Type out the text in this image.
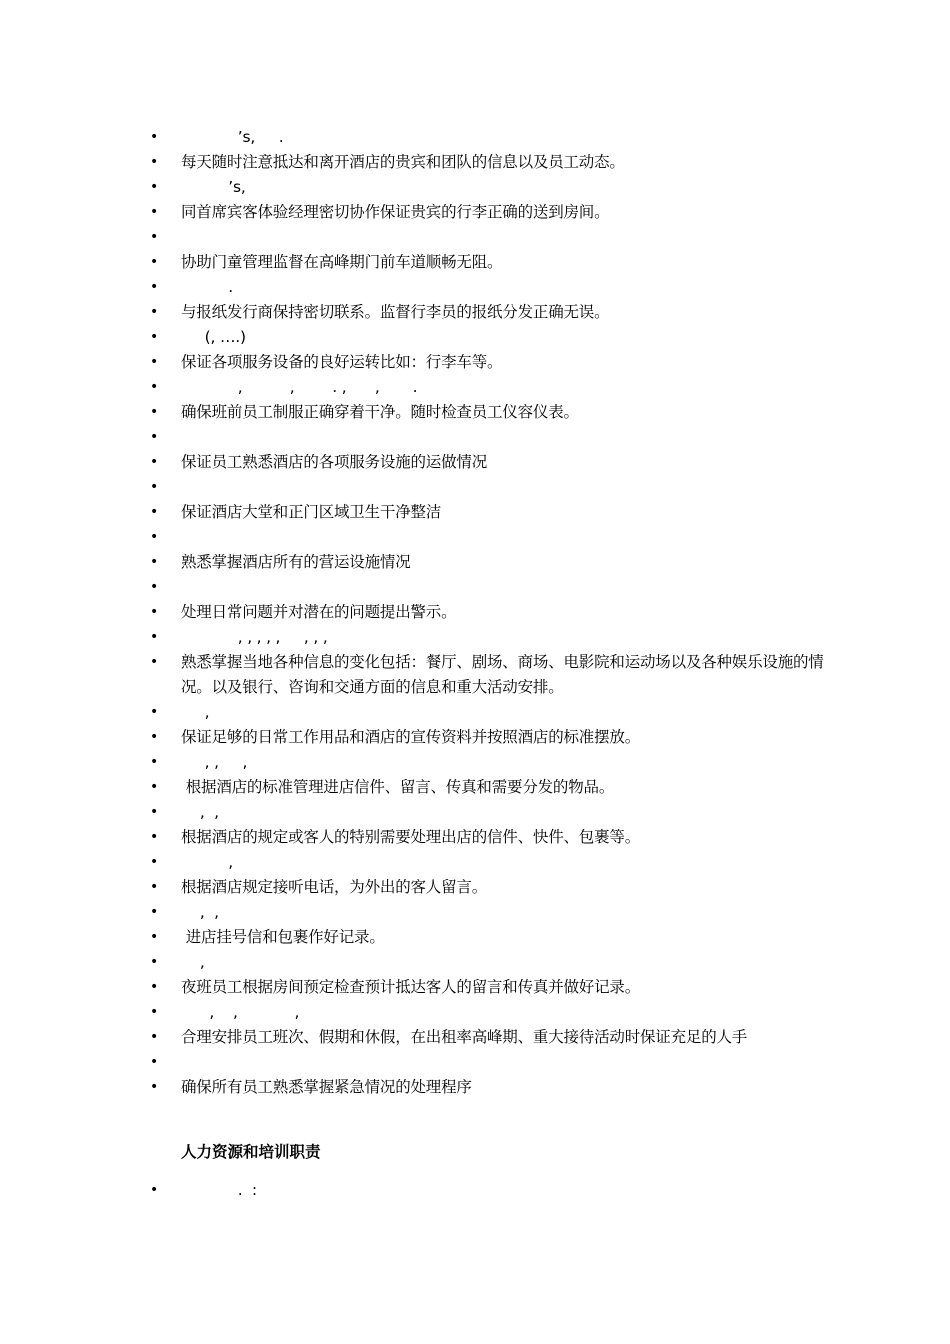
• ’s,     .
• 每天随时注意抵达和离开酒店的贵宾和团队的信息以及员工动态。
• ’s,
• 同首席宾客体验经理密切协作保证贵宾的行李正确的送到房间。
•
• 协助门童管理监督在高峰期门前车道顺畅无阻。
• .
• 与报纸发行商保持密切联系。监督行李员的报纸分发正确无误。
• (, ….)
• 保证各项服务设备的良好运转比如：行李车等。
• ,          ,        . ,      ,       .
• 确保班前员工制服正确穿着干净。随时检查员工仪容仪表。
•
• 保证员工熟悉酒店的各项服务设施的运做情况
•
• 保证酒店大堂和正门区域卫生干净整洁
•
• 熟悉掌握酒店所有的营运设施情况
•
• 处理日常问题并对潜在的问题提出警示。
• , , , , ,     , , ,
• 熟悉掌握当地各种信息的变化包括：餐厅、剧场、商场、电影院和运动场以及各种娱乐设施的情况。以及银行、咨询和交通方面的信息和重大活动安排。
• ,
• 保证足够的日常工作用品和酒店的宣传资料并按照酒店的标准摆放。
• , ,     ,
• 根据酒店的标准管理进店信件、留言、传真和需要分发的物品。
• ,  ,
• 根据酒店的规定或客人的特别需要处理出店的信件、快件、包裹等。
• ,
• 根据酒店规定接听电话，为外出的客人留言。
• ,  ,
• 进店挂号信和包裹作好记录。
• ,
• 夜班员工根据房间预定检查预计抵达客人的留言和传真并做好记录。
• ,    ,            ,
• 合理安排员工班次、假期和休假，在出租率高峰期、重大接待活动时保证充足的人手
•
• 确保所有员工熟悉掌握紧急情况的处理程序
人力资源和培训职责
• .  :
